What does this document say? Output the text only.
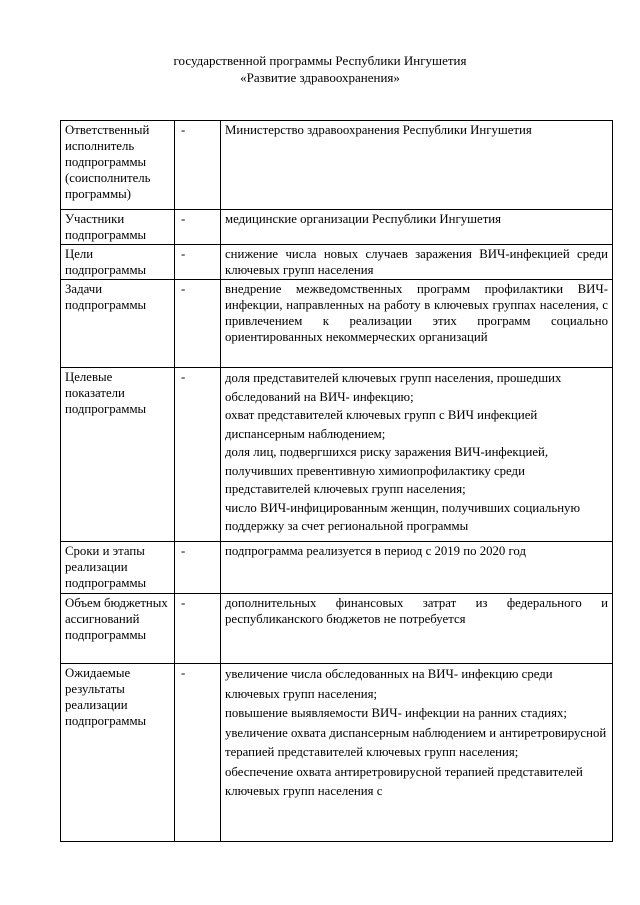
государственной программы Республики Ингушетия
«Развитие здравоохранения»
Ответственный исполнитель подпрограммы (соисполнитель программы)	-	Министерство здравоохранения Республики Ингушетия

Участники подпрограммы	-	медицинские организации Республики Ингушетия

Цели подпрограммы	-	снижение числа новых случаев заражения ВИЧ-инфекцией среди ключевых групп населения

Задачи подпрограммы	-	внедрение межведомственных программ профилактики ВИЧ-инфекции, направленных на работу в ключевых группах населения, с привлечением к реализации этих программ социально ориентированных некоммерческих организаций

Целевые показатели подпрограммы	-	доля представителей ключевых групп населения, прошедших обследований на ВИЧ- инфекцию;

охват представителей ключевых групп с ВИЧ инфекцией диспансерным наблюдением;

доля лиц, подвергшихся риску заражения ВИЧ-инфекцией, получивших превентивную химиопрофилактику среди представителей ключевых групп населения;

число ВИЧ-инфицированным женщин, получивших социальную поддержку за счет региональной программы

Сроки и этапы реализации подпрограммы	-	подпрограмма реализуется в период с 2019 по 2020 год

Объем бюджетных ассигнований подпрограммы	-	дополнительных финансовых затрат из федерального и республиканского бюджетов не потребуется

Ожидаемые результаты реализации подпрограммы	-	увеличение числа обследованных на ВИЧ- инфекцию среди ключевых групп населения;

повышение выявляемости ВИЧ- инфекции на ранних стадиях;

увеличение охвата диспансерным наблюдением и антиретровирусной терапией представителей ключевых групп населения;

обеспечение охвата антиретровирусной терапией представителей ключевых групп населения с
